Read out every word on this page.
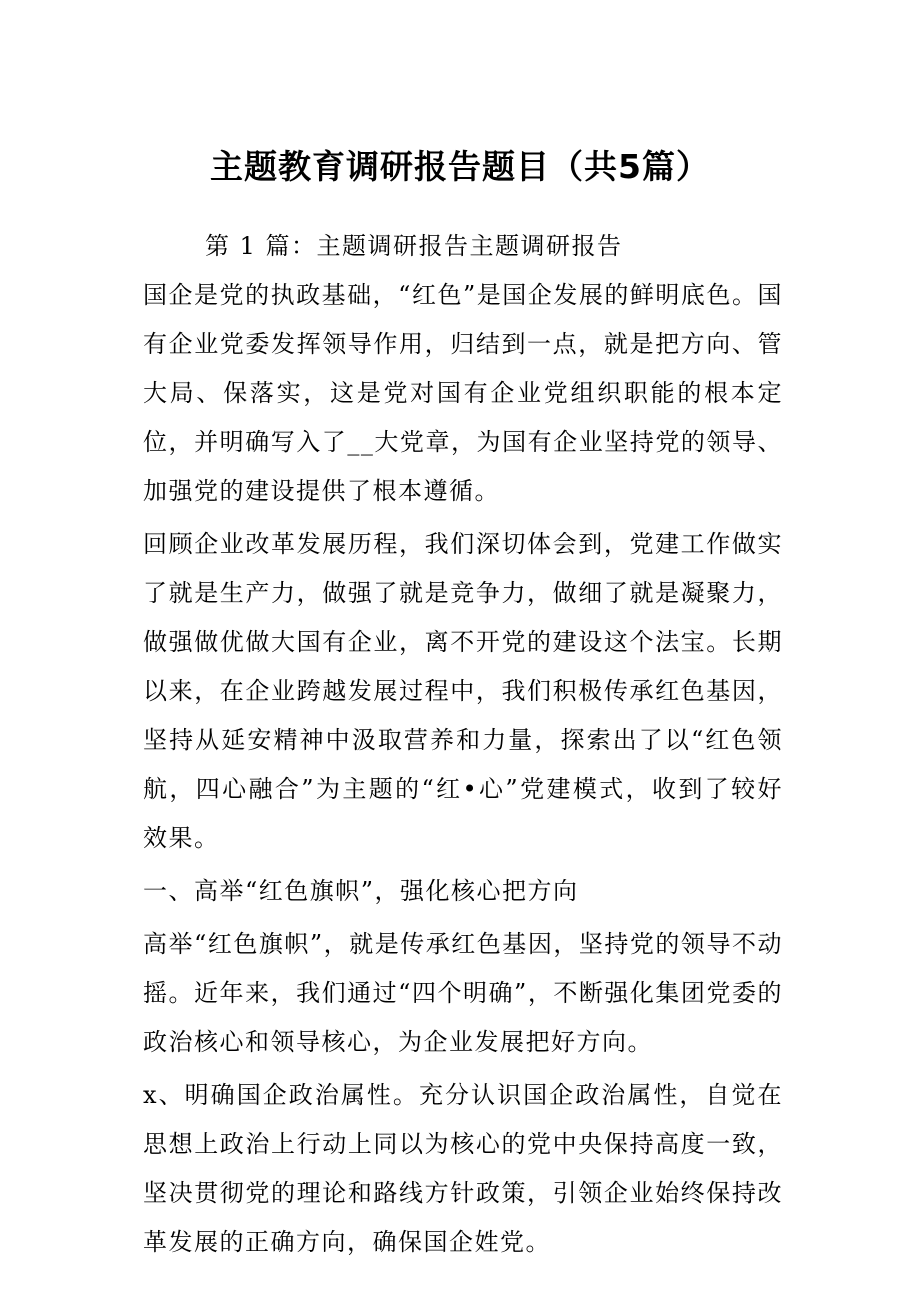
主题教育调研报告题目（共5篇）

第 1 篇：主题调研报告主题调研报告

国企是党的执政基础，“红色”是国企发展的鲜明底色。国有企业党委发挥领导作用，归结到一点，就是把方向、管大局、保落实，这是党对国有企业党组织职能的根本定位，并明确写入了__大党章，为国有企业坚持党的领导、加强党的建设提供了根本遵循。

回顾企业改革发展历程，我们深切体会到，党建工作做实了就是生产力，做强了就是竞争力，做细了就是凝聚力，做强做优做大国有企业，离不开党的建设这个法宝。长期以来，在企业跨越发展过程中，我们积极传承红色基因，坚持从延安精神中汲取营养和力量，探索出了以“红色领航，四心融合”为主题的“红•心”党建模式，收到了较好效果。

一、高举“红色旗帜”，强化核心把方向

高举“红色旗帜”，就是传承红色基因，坚持党的领导不动摇。近年来，我们通过“四个明确”，不断强化集团党委的政治核心和领导核心，为企业发展把好方向。

x、明确国企政治属性。充分认识国企政治属性，自觉在思想上政治上行动上同以为核心的党中央保持高度一致，坚决贯彻党的理论和路线方针政策，引领企业始终保持改革发展的正确方向，确保国企姓党。
